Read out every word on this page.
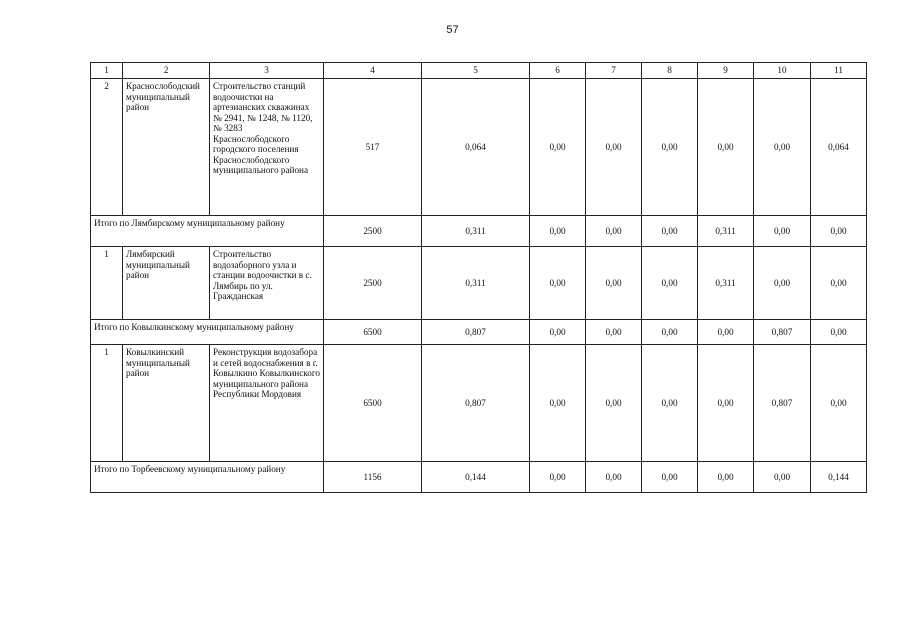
57
1	2	3	4	5	6	7	8	9	10	11
2	Краснослободский муниципальный район	Строительство станций водоочистки на артезианских скважинах № 2941, № 1248, № 1120, № 3283 Краснослободского городского поселения Краснослободского муниципального района	517	0,064	0,00	0,00	0,00	0,00	0,00	0,064
Итого по Лямбирскому муниципальному району			2500	0,311	0,00	0,00	0,00	0,311	0,00	0,00
1	Лямбирский муниципальный район	Строительство водозаборного узла и станции водоочистки в с. Лямбирь по ул. Гражданская	2500	0,311	0,00	0,00	0,00	0,311	0,00	0,00
Итого по Ковылкинскому муниципальному району			6500	0,807	0,00	0,00	0,00	0,00	0,807	0,00
1	Ковылкинский муниципальный район	Реконструкция водозабора и сетей водоснабжения в г. Ковылкино Ковылкинского муниципального района Республики Мордовия	6500	0,807	0,00	0,00	0,00	0,00	0,807	0,00
Итого по Торбеевскому муниципальному району			1156	0,144	0,00	0,00	0,00	0,00	0,00	0,144
